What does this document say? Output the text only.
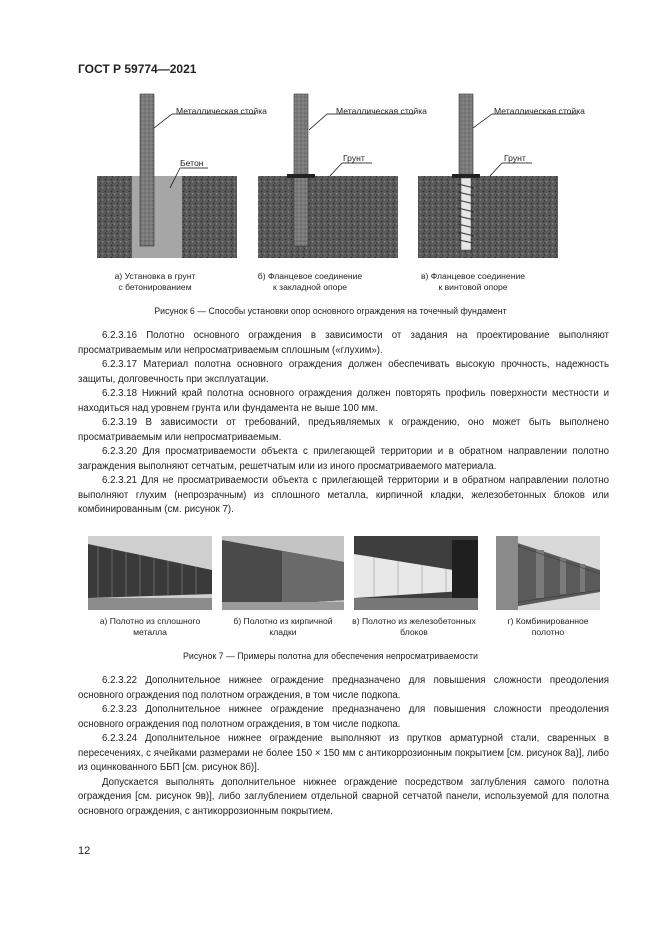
ГОСТ Р 59774—2021
Металлическая стойка
Бетон
Металлическая стойка
Грунт
Металлическая стойка
Грунт
а) Установка в грунт
с бетонированием
б) Фланцевое соединение
к закладной опоре
в) Фланцевое соединение
к винтовой опоре
Рисунок 6 — Способы установки опор основного ограждения на точечный фундамент

6.2.3.16 Полотно основного ограждения в зависимости от задания на проектирование выполняют просматриваемым или непросматриваемым сплошным («глухим»).

6.2.3.17 Материал полотна основного ограждения должен обеспечивать высокую прочность, надежность защиты, долговечность при эксплуатации.

6.2.3.18 Нижний край полотна основного ограждения должен повторять профиль поверхности местности и находиться над уровнем грунта или фундамента не выше 100 мм.

6.2.3.19 В зависимости от требований, предъявляемых к ограждению, оно может быть выполнено просматриваемым или непросматриваемым.

6.2.3.20 Для просматриваемости объекта с прилегающей территории и в обратном направлении полотно заграждения выполняют сетчатым, решетчатым или из иного просматриваемого материала.

6.2.3.21 Для не просматриваемости объекта с прилегающей территории и в обратном направлении полотно выполняют глухим (непрозрачным) из сплошного металла, кирпичной кладки, железобетонных блоков или комбинированным (см. рисунок 7).

а) Полотно из сплошного
металла
б) Полотно из кирпичной
кладки
в) Полотно из железобетонных
блоков
г) Комбинированное
полотно
Рисунок 7 — Примеры полотна для обеспечения непросматриваемости

6.2.3.22 Дополнительное нижнее ограждение предназначено для повышения сложности преодоления основного ограждения под полотном ограждения, в том числе подкопа.

6.2.3.23 Дополнительное нижнее ограждение предназначено для повышения сложности преодоления основного ограждения под полотном ограждения, в том числе подкопа.

6.2.3.24 Дополнительное нижнее ограждение выполняют из прутков арматурной стали, сваренных в пересечениях, с ячейками размерами не более 150 × 150 мм с антикоррозионным покрытием [см. рисунок 8а)], либо из оцинкованного ББП [см. рисунок 8б)].

Допускается выполнять дополнительное нижнее ограждение посредством заглубления самого полотна ограждения [см. рисунок 9в)], либо заглублением отдельной сварной сетчатой панели, используемой для полотна основного ограждения, с антикоррозионным покрытием.

12
